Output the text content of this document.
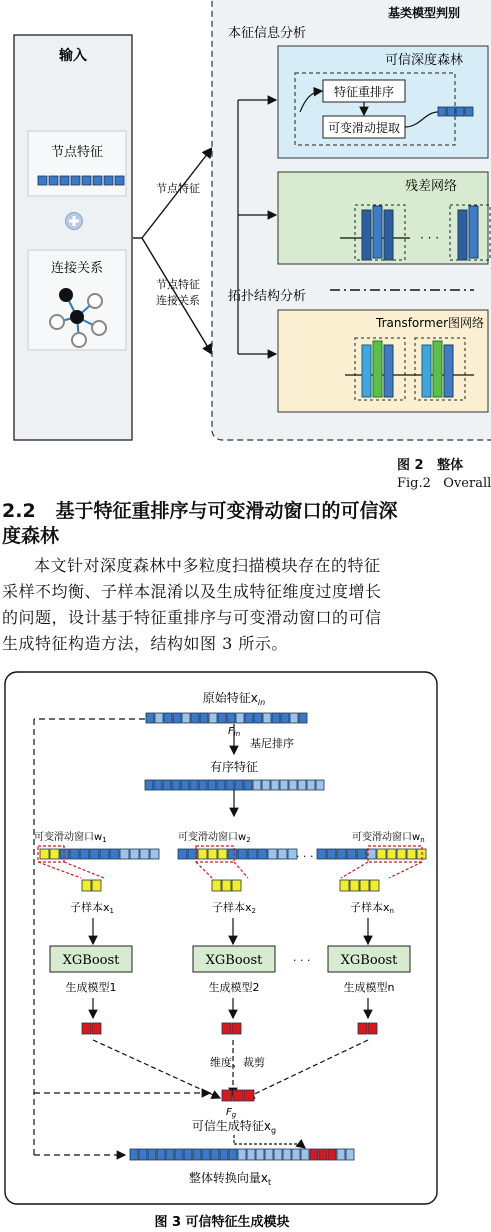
输入
节点特征
连接关系
节点特征
节点特征
连接关系
基类模型判别
本征信息分析
可信深度森林
特征重排序
可变滑动提取
残差网络
· · ·
拓扑结构分析
Transformer图网络
图 2   整体
Fig.2   Overall
2.2   基于特征重排序与可变滑动窗口的可信深
度森林
本文针对深度森林中多粒度扫描模块存在的特征
采样不均衡、子样本混淆以及生成特征维度过度增长
的问题，设计基于特征重排序与可变滑动窗口的可信
生成特征构造方法，结构如图 3 所示。
原始特征$x_{in}$
$F_{in}$
基尼排序
有序特征
可变滑动窗口$w_1$	可变滑动窗口$w_2$	可变滑动窗口$w_n$
· · ·
子样本x1	子样本x2	子样本xn
XGBoost	XGBoost	· · · XGBoost
生成模型1	生成模型2	生成模型n
维度、裁剪
$F_g$
可信生成特征$x_g$
整体转换向量$x_t$
图 3 可信特征生成模块
